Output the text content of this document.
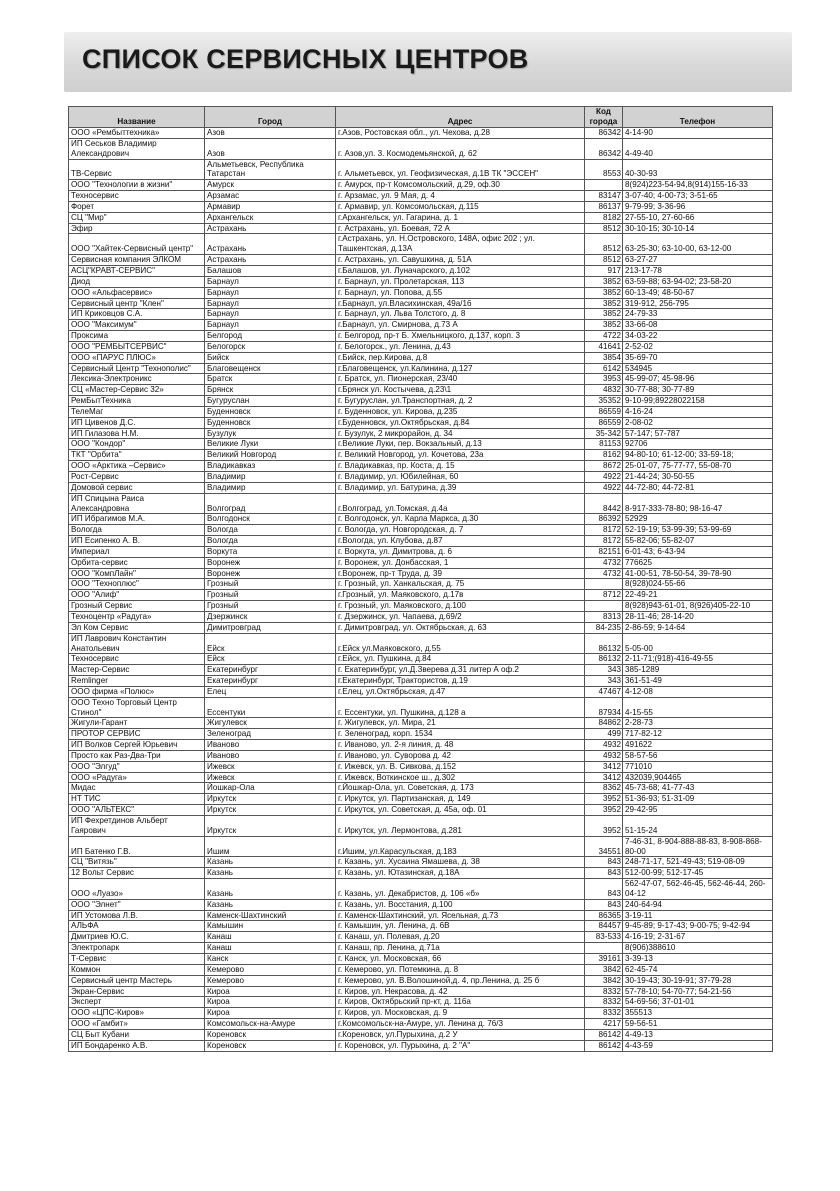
СПИСОК СЕРВИСНЫХ ЦЕНТРОВ
Название	Город	Адрес	Код города	Телефон
ООО «Рембыттехника»	Азов	г.Азов, Ростовская обл., ул. Чехова, д.28	86342	4-14-90
ИП Сеськов Владимир Александрович	Азов	г. Азов,ул. 3. Космодемьянской, д. 62	86342	4-49-40
ТВ-Сервис	Альметьевск, Республика Татарстан	г. Альметьевск, ул. Геофизическая, д.1В ТК "ЭССЕН"	8553	40-30-93
ООО "Технологии в жизни"	Амурск	г. Амурск, пр-т Комсомольский, д.29, оф.30		8(924)223-54-94,8(914)155-16-33
Техносервис	Арзамас	г. Арзамас, ул. 9 Мая, д. 4	83147	3-07-40; 4-00-73; 3-51-65
Форет	Армавир	г. Армавир, ул. Комсомольская, д.115	86137	9-79-99; 3-36-96
СЦ "Мир"	Архангельск	г.Архангельск, ул. Гагарина, д. 1	8182	27-55-10, 27-60-66
Эфир	Астрахань	г. Астрахань, ул. Боевая, 72 А	8512	30-10-15; 30-10-14
ООО "Хайтек-Сервисный центр"	Астрахань	г.Астрахань, ул. Н.Островского, 148А, офис 202 ; ул. Ташкентская, д.13А	8512	63-25-30; 63-10-00, 63-12-00
Сервисная компания ЭЛКОМ	Астрахань	г. Астрахань, ул. Савушкина, д. 51А	8512	63-27-27
АСЦ"КРАВТ-СЕРВИС"	Балашов	г.Балашов, ул. Луначарского, д.102	917	213-17-78
Диод	Барнаул	г. Барнаул, ул. Пролетарская, 113	3852	63-59-88; 63-94-02; 23-58-20
ООО «Альфасервис»	Барнаул	г. Барнаул, ул. Попова, д.55	3852	60-13-49; 48-50-67
Сервисный центр "Клен"	Барнаул	г.Барнаул, ул.Власихинская, 49а/16	3852	319-912, 256-795
ИП Криковцов С.А.	Барнаул	г. Барнаул, ул. Льва Толстого, д. 8	3852	24-79-33
ООО "Максимум"	Барнаул	г.Барнаул, ул. Смирнова, д.73 А	3852	33-66-08
Проксима	Белгород	г. Белгород, пр-т Б. Хмельницкого, д.137, корп. 3	4722	34-03-22
ООО "РЕМБЫТСЕРВИС"	Белогорск	г. Белогорск., ул. Ленина, д.43	41641	2-52-02
ООО «ПАРУС ПЛЮС»	Бийск	г.Бийск, пер.Кирова, д.8	3854	35-69-70
Сервисный Центр "Технополис"	Благовещенск	г.Благовещенск, ул.Калинина, д.127	6142	534945
Лексика-Электроникс	Братск	г. Братск, ул. Пионерская, 23/40	3953	45-99-07; 45-98-96
СЦ «Мастер-Сервис 32»	Брянск	г.Брянск ул. Костычева, д.23\1	4832	30-77-88; 30-77-89
РемБытТехника	Бугуруслан	г. Бугуруслан, ул.Транспортная, д. 2	35352	9-10-99;89228022158
ТелеМаг	Буденновск	г. Буденновск, ул. Кирова, д.235	86559	4-16-24
ИП Цивенов Д.С.	Буденновск	г.Буденновск, ул.Октябрьская, д.84	86559	2-08-02
ИП Гилазова Н.М.	Бузулук	г. Бузулук, 2 микрорайон, д. 34	35-342	57-147; 57-787
ООО "Кондор"	Великие Луки	г.Великие Луки, пер. Вокзальный, д.13	81153	92706
ТКТ "Орбита"	Великий Новгород	г. Великий Новгород, ул. Кочетова, 23а	8162	94-80-10; 61-12-00; 33-59-18;
ООО «Арктика –Сервис»	Владикавказ	г. Владикавказ, пр. Коста, д. 15	8672	25-01-07, 75-77-77, 55-08-70
Рост-Сервис	Владимир	г. Владимир, ул. Юбилейная, 60	4922	21-44-24; 30-50-55
Домовой сервис	Владимир	г. Владимир, ул. Батурина, д.39	4922	44-72-80; 44-72-81
ИП Спицына Раиса Александровна	Волгоград	г.Волгоград, ул.Томская, д.4а	8442	8-917-333-78-80; 98-16-47
ИП Ибрагимов М.А.	Волгодонск	г. Волгодонск, ул. Карла Маркса, д.30	86392	52929
Вологда	Вологда	г. Вологда, ул. Новгородская, д. 7	8172	52-19-19; 53-99-39; 53-99-69
ИП Есипенко А. В.	Вологда	г.Вологда, ул. Клубова, д.87	8172	55-82-06; 55-82-07
Империал	Воркута	г. Воркута, ул. Димитрова, д. 6	82151	6-01-43; 6-43-94
Орбита-сервис	Воронеж	г. Воронеж, ул. Донбасская, 1	4732	776625
ООО "КомпЛайн"	Воронеж	г.Воронеж, пр-т Труда, д. 39	4732	41-00-51, 78-50-54, 39-78-90
ООО "Техноплюс"	Грозный	г. Грозный, ул. Ханкальская, д. 75		8(928)024-55-66
ООО "Алиф"	Грозный	г.Грозный, ул. Маяковского, д.17в	8712	22-49-21
Грозный Сервис	Грозный	г. Грозный, ул. Маяковского, д.100		8(928)943-61-01, 8(926)405-22-10
Техноцентр «Радуга»	Дзержинск	г. Дзержинск, ул. Чапаева, д.69/2	8313	28-11-46; 28-14-20
Эл Ком Сервис	Димитровград	г. Димитровград, ул. Октябрьская, д. 63	84-235	2-86-59; 9-14-64
ИП Лаврович Константин Анатольевич	Ейск	г.Ейск ул.Маяковского, д.55	86132	5-05-00
Техносервис	Ейск	г.Ейск, ул. Пушкина, д.84	86132	2-11-71;(918)-416-49-55
Мастер-Сервис	Екатеринбург	г. Екатеринбург, ул.Д.Зверева д.31 литер А оф.2	343	385-1289
Remlinger	Екатеринбург	г.Екатеринбург, Трактористов, д.19	343	361-51-49
ООО фирма «Полюс»	Елец	г.Елец, ул.Октябрьская, д.47	47467	4-12-08
ООО Техно Торговый Центр Стинол"	Ессентуки	г. Ессентуки, ул. Пушкина, д.128 а	87934	4-15-55
Жигули-Гарант	Жигулевск	г. Жигулевск, ул. Мира, 21	84862	2-28-73
ПРОТОР СЕРВИС	Зеленоград	г. Зеленоград, корп. 1534	499	717-82-12
ИП Волков Сергей Юрьевич	Иваново	г. Иваново, ул. 2-я линия, д. 48	4932	491622
Просто как Раз-Два-Три	Иваново	г. Иваново, ул. Суворова д. 42	4932	58-57-56
ООО "Элгуд"	Ижевск	г. Ижевск, ул. В. Сивкова, д.152	3412	771010
ООО «Радуга»	Ижевск	г. Ижевск, Воткинское ш., д.302	3412	432039,904465
Мидас	Йошкар-Ола	г.Йошкар-Ола, ул. Советская, д. 173	8362	45-73-68; 41-77-43
НТ ТИС	Иркутск	г. Иркутск, ул. Партизанская, д. 149	3952	51-36-93; 51-31-09
ООО "АЛЬТЕКС"	Иркутск	г. Иркутск, ул. Советская, д. 45а, оф. 01	3952	29-42-95
ИП Фехретдинов Альберт Гаярович	Иркутск	г. Иркутск, ул. Лермонтова, д.281	3952	51-15-24
ИП Батенко Г.В.	Ишим	г.Ишим, ул.Карасульская, д.183	34551	7-46-31, 8-904-888-88-83, 8-908-868-80-00
СЦ "Витязь"	Казань	г. Казань, ул. Хусаина Ямашева, д. 38	843	248-71-17, 521-49-43; 519-08-09
12 Вольт Сервис	Казань	г. Казань, ул. Ютазинская, д.18А	843	512-00-99; 512-17-45
ООО «Луазо»	Казань	г. Казань, ул. Декабристов, д. 106 «б»	843	562-47-07, 562-46-45, 562-46-44, 260-04-12
ООО "Элнет"	Казань	г. Казань, ул. Восстания, д.100	843	240-64-94
ИП Устомова Л.В.	Каменск-Шахтинский	г. Каменск-Шахтинский, ул. Ясельная, д.73	86365	3-19-11
АЛЬФА	Камышин	г. Камышин, ул. Ленина, д. 6В	84457	9-45-89; 9-17-43; 9-00-75; 9-42-94
Дмитриев Ю.С.	Канаш	г. Канаш, ул. Полевая, д.20	83-533	4-16-19; 2-31-67
Электропарк	Канаш	г. Канаш, пр. Ленина, д.71а		8(906)388610
Т-Сервис	Канск	г. Канск, ул. Московская, 66	39161	3-39-13
Коммон	Кемерово	г. Кемерово, ул. Потемкина, д. 8	3842	62-45-74
Сервисный центр Мастерь	Кемерово	г. Кемерово, ул. В.Волошиной,д. 4, пр.Ленина, д. 25 б	3842	30-19-43; 30-19-91; 37-79-28
Экран-Сервис	Кироа	г. Киров, ул. Некрасова, д. 42	8332	57-78-10; 54-70-77; 54-21-56
Эксперт	Кироа	г. Киров, Октябрьский пр-кт, д. 116а	8332	54-69-56; 37-01-01
ООО «ЦПС-Киров»	Кироа	г. Киров, ул. Московская, д. 9	8332	355513
ООО «Гамбит»	Комсомольск-на-Амуре	г.Комсомольск-на-Амуре, ул. Ленина д. 76/3	4217	59-56-51
СЦ Быт Кубани	Кореновск	г.Кореновск, ул.Пурыхина, д.2 У	86142	4-49-13
ИП Бондаренко А.В.	Кореновск	г. Кореновск, ул. Пурыхина, д. 2 "А"	86142	4-43-59
